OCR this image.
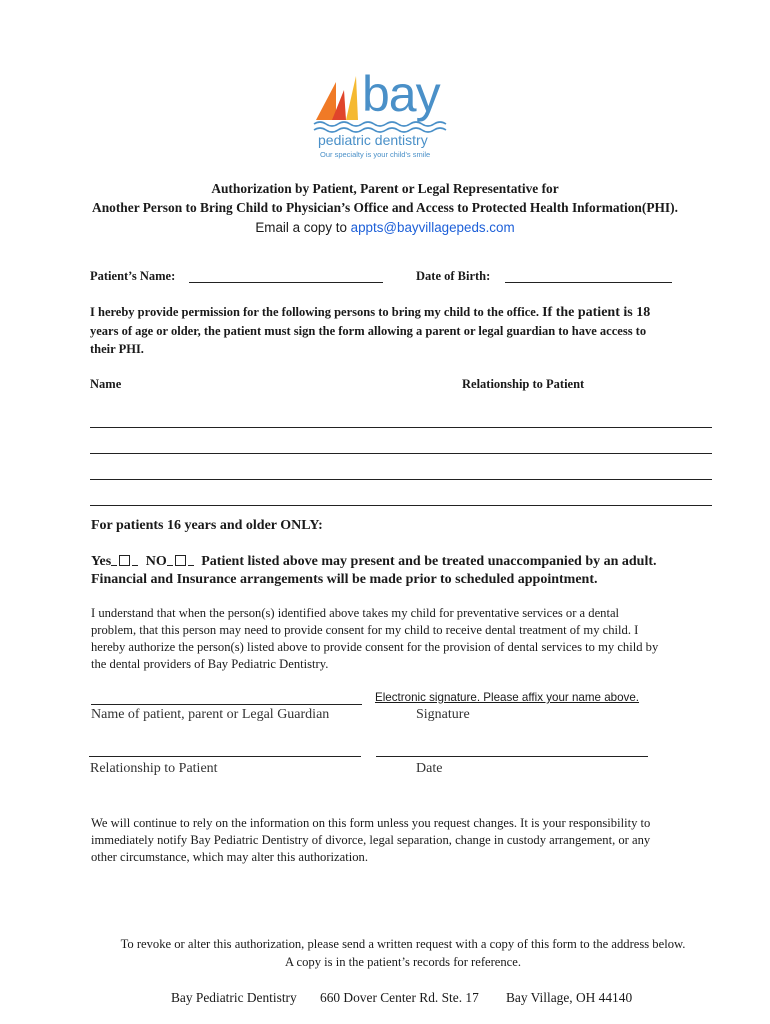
bay
pediatric dentistry
Our specialty is your child's smile
Authorization by Patient, Parent or Legal Representative for
Another Person to Bring Child to Physician’s Office and Access to Protected Health Information(PHI).
Email a copy to appts@bayvillagepeds.com
Patient’s Name:	Date of Birth:
I hereby provide permission for the following persons to bring my child to the office. If the patient is 18
years of age or older, the patient must sign the form allowing a parent or legal guardian to have access to
their PHI.
Name	Relationship to Patient
For patients 16 years and older ONLY:
Yes NO Patient listed above may present and be treated unaccompanied by an adult.
Financial and Insurance arrangements will be made prior to scheduled appointment.
I understand that when the person(s) identified above takes my child for preventative services or a dental
problem, that this person may need to provide consent for my child to receive dental treatment of my child. I
hereby authorize the person(s) listed above to provide consent for the provision of dental services to my child by
the dental providers of Bay Pediatric Dentistry.
Electronic signature. Please affix your name above.
Name of patient, parent or Legal Guardian	Signature
Relationship to Patient	Date
We will continue to rely on the information on this form unless you request changes. It is your responsibility to
immediately notify Bay Pediatric Dentistry of divorce, legal separation, change in custody arrangement, or any
other circumstance, which may alter this authorization.
To revoke or alter this authorization, please send a written request with a copy of this form to the address below.
A copy is in the patient’s records for reference.
Bay Pediatric Dentistry 660 Dover Center Rd. Ste. 17 Bay Village, OH 44140
